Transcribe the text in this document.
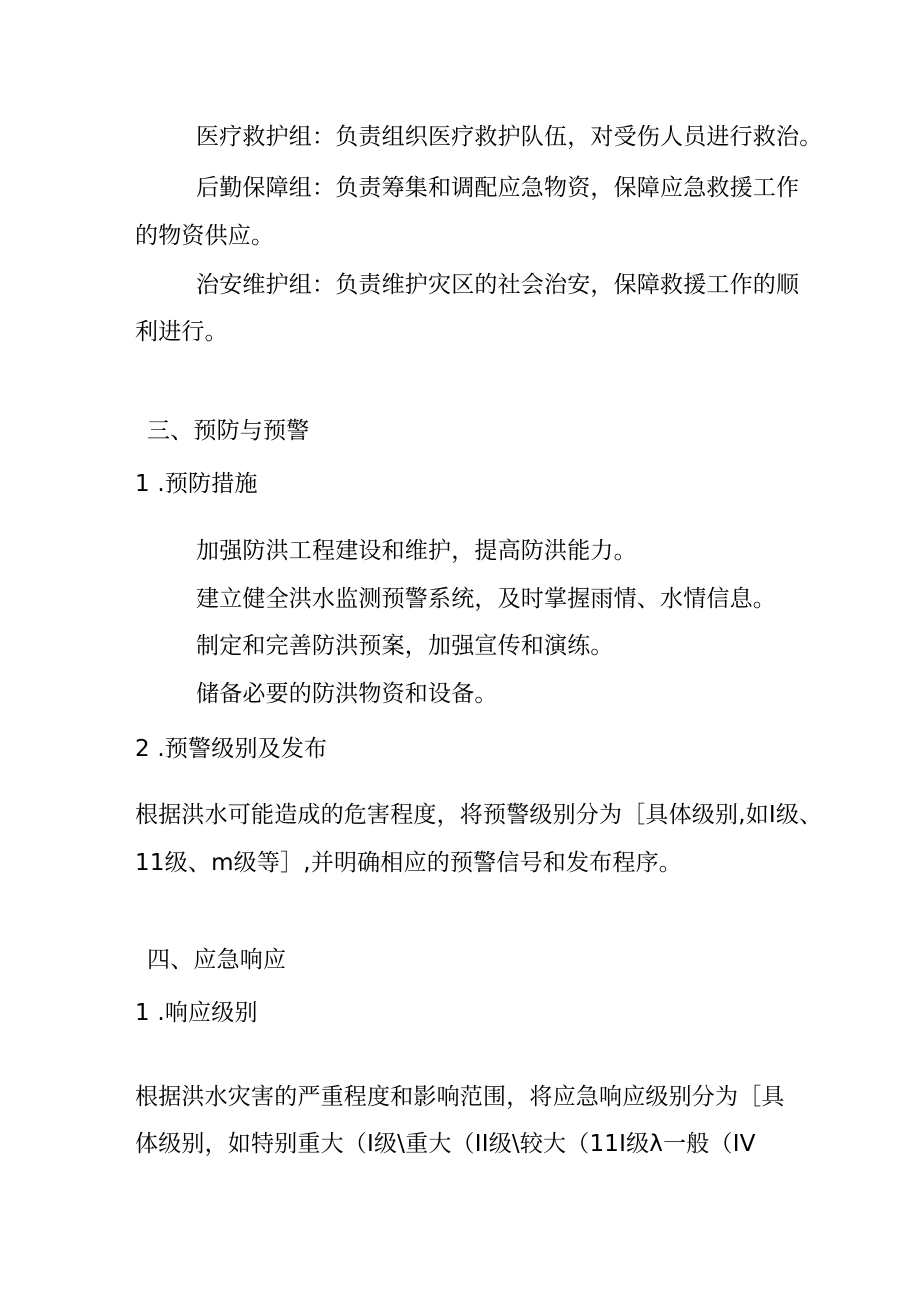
医疗救护组：负责组织医疗救护队伍，对受伤人员进行救治。
后勤保障组：负责筹集和调配应急物资，保障应急救援工作
的物资供应。
治安维护组：负责维护灾区的社会治安，保障救援工作的顺
利进行。
三、预防与预警
1 .预防措施
加强防洪工程建设和维护，提高防洪能力。
建立健全洪水监测预警系统，及时掌握雨情、水情信息。
制定和完善防洪预案，加强宣传和演练。
储备必要的防洪物资和设备。
2 .预警级别及发布
根据洪水可能造成的危害程度，将预警级别分为［具体级别,如I级、
11级、m级等］,并明确相应的预警信号和发布程序。
四、应急响应
1 .响应级别
根据洪水灾害的严重程度和影响范围，将应急响应级别分为［具
体级别，如特别重大（I级\重大（II级\较大（11I级λ一般（IV
